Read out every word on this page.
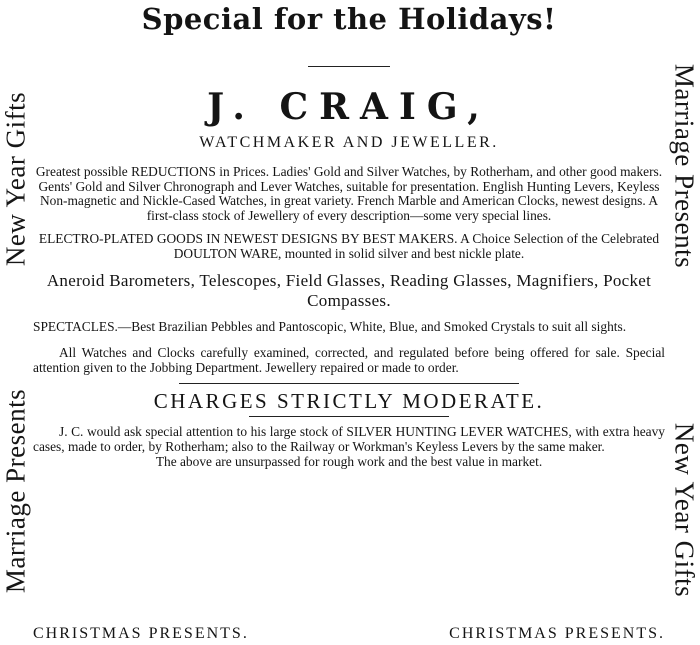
New Year Gifts
Marriage Presents
Marriage Presents
New Year Gifts
Special for the Holidays!
J. CRAIG,
WATCHMAKER AND JEWELLER.
Greatest possible REDUCTIONS in Prices. Ladies' Gold and Silver Watches, by Rotherham, and other good makers. Gents' Gold and Silver Chronograph and Lever Watches, suitable for presentation. English Hunting Levers, Keyless Non-magnetic and Nickle-Cased Watches, in great variety. French Marble and American Clocks, newest designs. A first-class stock of Jewellery of every description—some very special lines.
ELECTRO-PLATED GOODS IN NEWEST DESIGNS BY BEST MAKERS. A Choice Selection of the Celebrated DOULTON WARE, mounted in solid silver and best nickle plate.
Aneroid Barometers, Telescopes, Field Glasses, Reading Glasses, Magnifiers, Pocket Compasses.
SPECTACLES.—Best Brazilian Pebbles and Pantoscopic, White, Blue, and Smoked Crystals to suit all sights.
All Watches and Clocks carefully examined, corrected, and regulated before being offered for sale. Special attention given to the Jobbing Department. Jewellery repaired or made to order.
CHARGES STRICTLY MODERATE.
J. C. would ask special attention to his large stock of SILVER HUNTING LEVER WATCHES, with extra heavy cases, made to order, by Rotherham; also to the Railway or Workman's Keyless Levers by the same maker.
The above are unsurpassed for rough work and the best value in market.
CHRISTMAS PRESENTS.	CHRISTMAS PRESENTS.
